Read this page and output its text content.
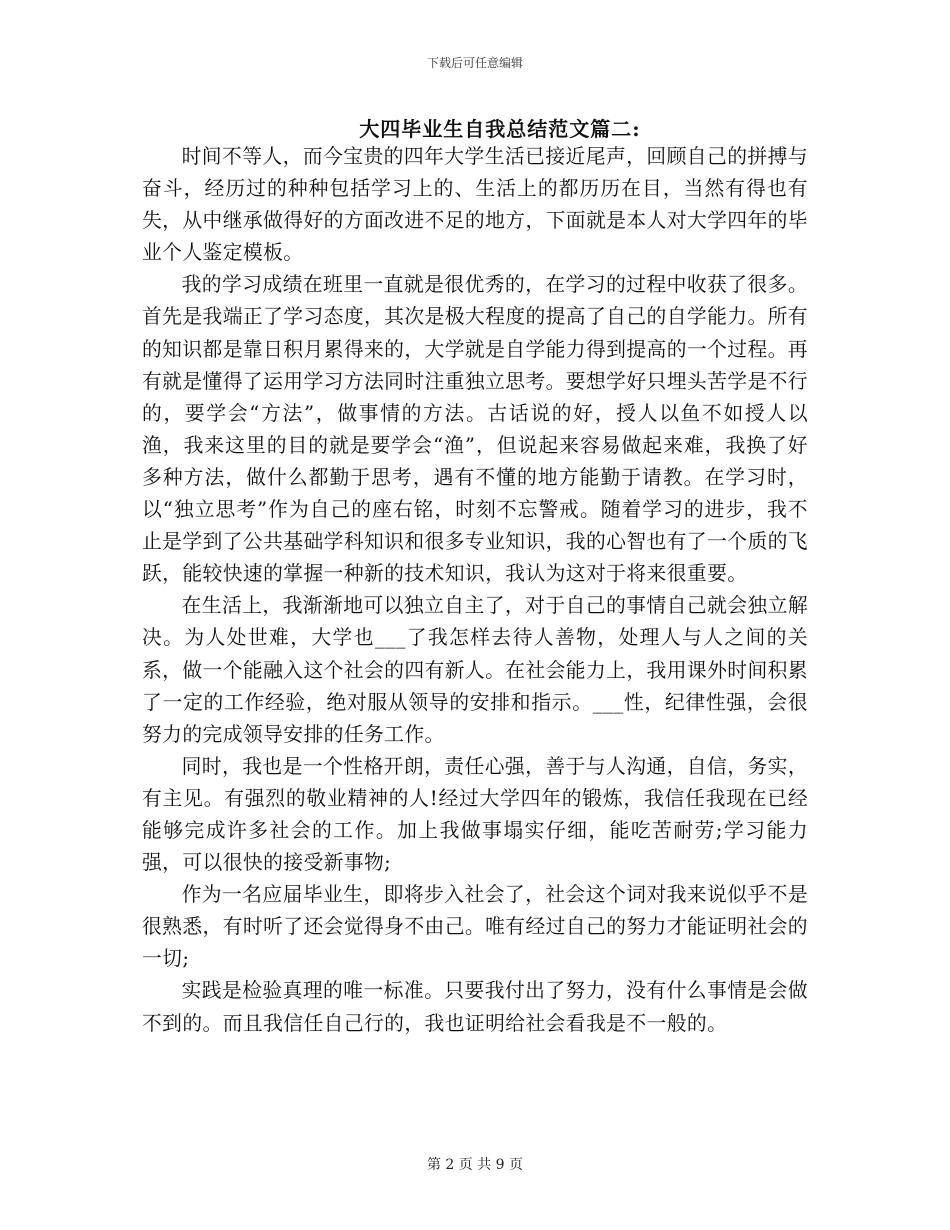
下载后可任意编辑
大四毕业生自我总结范文篇二:

时间不等人，而今宝贵的四年大学生活已接近尾声，回顾自己的拼搏与奋斗，经历过的种种包括学习上的、生活上的都历历在目，当然有得也有失，从中继承做得好的方面改进不足的地方，下面就是本人对大学四年的毕业个人鉴定模板。

我的学习成绩在班里一直就是很优秀的，在学习的过程中收获了很多。首先是我端正了学习态度，其次是极大程度的提高了自己的自学能力。所有的知识都是靠日积月累得来的，大学就是自学能力得到提高的一个过程。再有就是懂得了运用学习方法同时注重独立思考。要想学好只埋头苦学是不行的，要学会“方法”，做事情的方法。古话说的好，授人以鱼不如授人以渔，我来这里的目的就是要学会“渔”，但说起来容易做起来难，我换了好多种方法，做什么都勤于思考，遇有不懂的地方能勤于请教。在学习时，以“独立思考”作为自己的座右铭，时刻不忘警戒。随着学习的进步，我不止是学到了公共基础学科知识和很多专业知识，我的心智也有了一个质的飞跃，能较快速的掌握一种新的技术知识，我认为这对于将来很重要。

在生活上，我渐渐地可以独立自主了，对于自己的事情自己就会独立解决。为人处世难，大学也___了我怎样去待人善物，处理人与人之间的关系，做一个能融入这个社会的四有新人。在社会能力上，我用课外时间积累了一定的工作经验，绝对服从领导的安排和指示。___性，纪律性强，会很努力的完成领导安排的任务工作。

同时，我也是一个性格开朗，责任心强，善于与人沟通，自信，务实，有主见。有强烈的敬业精神的人!经过大学四年的锻炼，我信任我现在已经能够完成许多社会的工作。加上我做事塌实仔细，能吃苦耐劳;学习能力强，可以很快的接受新事物;

作为一名应届毕业生，即将步入社会了，社会这个词对我来说似乎不是很熟悉，有时听了还会觉得身不由己。唯有经过自己的努力才能证明社会的一切;

实践是检验真理的唯一标准。只要我付出了努力，没有什么事情是会做不到的。而且我信任自己行的，我也证明给社会看我是不一般的。

第 2 页 共 9 页
